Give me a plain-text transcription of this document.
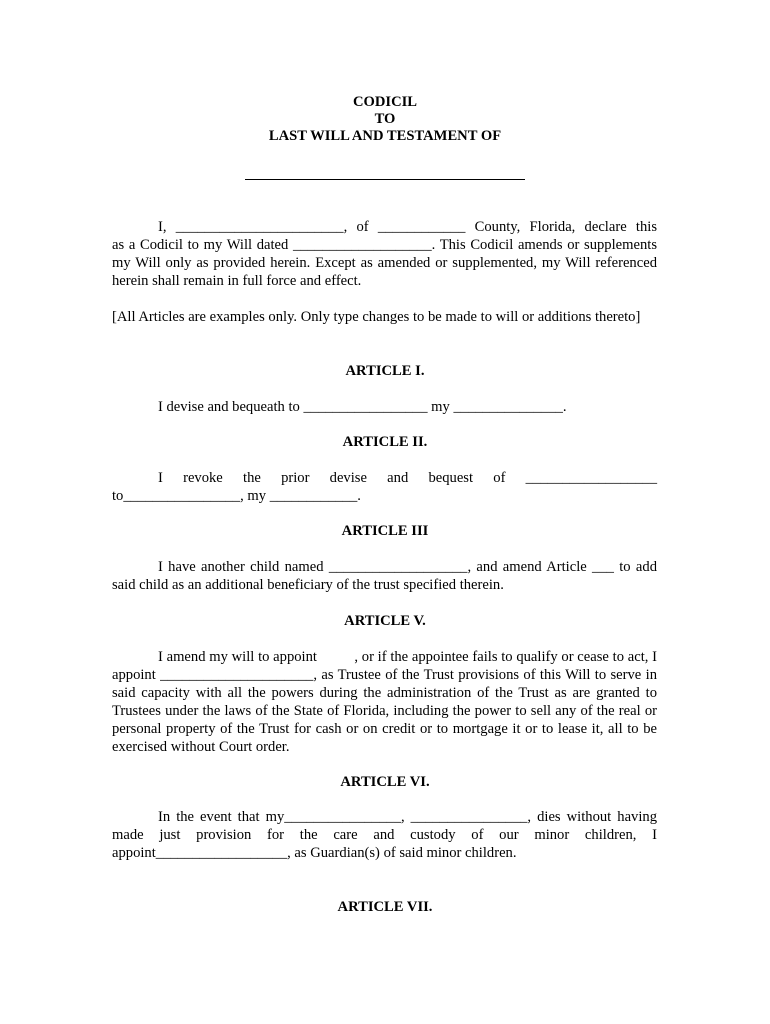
CODICIL
TO
LAST WILL AND TESTAMENT OF
I, _______________________, of ____________ County, Florida, declare this
as a Codicil to my Will dated ___________________. This Codicil amends or supplements my Will only as provided herein. Except as amended or supplemented, my Will referenced herein shall remain in full force and effect.
[All Articles are examples only. Only type changes to be made to will or additions thereto]
ARTICLE I.
I devise and bequeath to _________________ my _______________.
ARTICLE II.
I revoke the prior devise and bequest of __________________
to________________, my ____________.
ARTICLE III
I have another child named ___________________, and amend Article ___ to add said child as an additional beneficiary of the trust specified therein.
ARTICLE V.
I amend my will to appoint          , or if the appointee fails to qualify or cease to act, I appoint _____________________, as Trustee of the Trust provisions of this Will to serve in said capacity with all the powers during the administration of the Trust as are granted to Trustees under the laws of the State of Florida, including the power to sell any of the real or personal property of the Trust for cash or on credit or to mortgage it or to lease it, all to be exercised without Court order.
ARTICLE VI.
In the event that my________________, ________________, dies without having made just provision for the care and custody of our minor children, I appoint__________________, as Guardian(s) of said minor children.
ARTICLE VII.
